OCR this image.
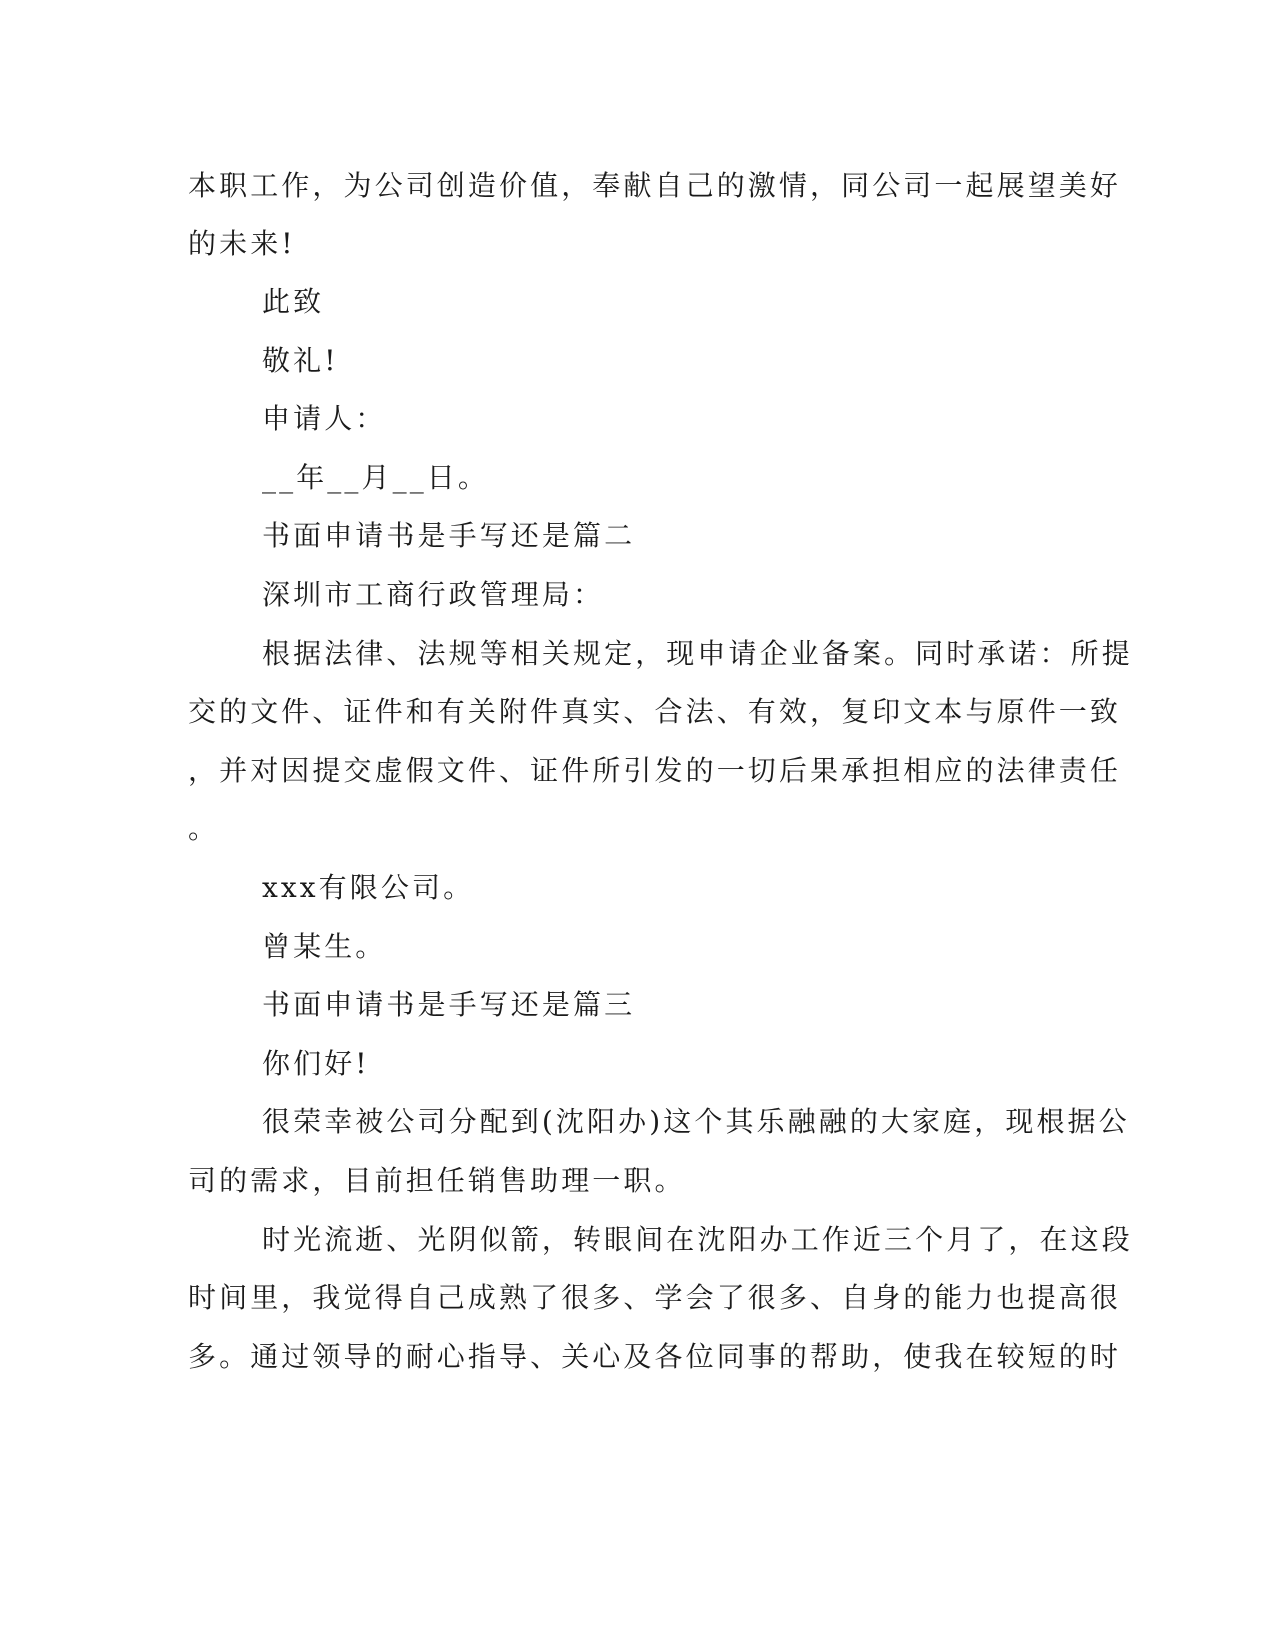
本职工作，为公司创造价值，奉献自己的激情，同公司一起展望美好
的未来!
此致
敬礼!
申请人：
__年__月__日。
书面申请书是手写还是篇二
深圳市工商行政管理局：
根据法律、法规等相关规定，现申请企业备案。同时承诺：所提
交的文件、证件和有关附件真实、合法、有效，复印文本与原件一致
，并对因提交虚假文件、证件所引发的一切后果承担相应的法律责任
。
xxx有限公司。
曾某生。
书面申请书是手写还是篇三
你们好!
很荣幸被公司分配到(沈阳办)这个其乐融融的大家庭，现根据公
司的需求，目前担任销售助理一职。
时光流逝、光阴似箭，转眼间在沈阳办工作近三个月了，在这段
时间里，我觉得自己成熟了很多、学会了很多、自身的能力也提高很
多。通过领导的耐心指导、关心及各位同事的帮助，使我在较短的时
